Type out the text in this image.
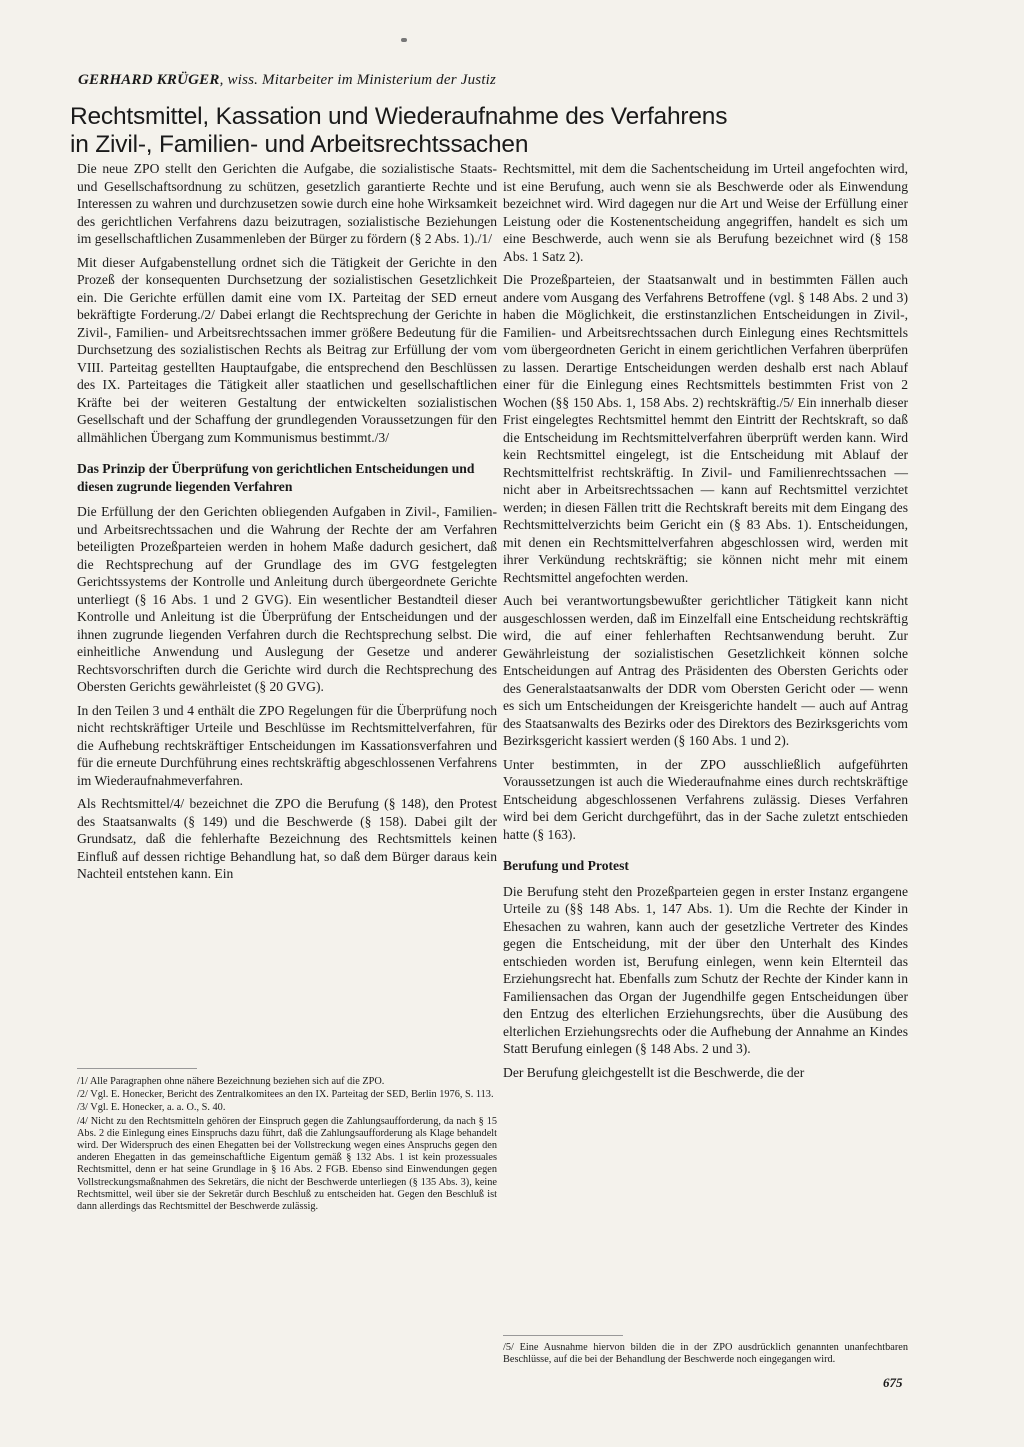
GERHARD KRÜGER, wiss. Mitarbeiter im Ministerium der Justiz
Rechtsmittel, Kassation und Wiederaufnahme des Verfahrens
in Zivil-, Familien- und Arbeitsrechtssachen

Die neue ZPO stellt den Gerichten die Aufgabe, die sozialistische Staats- und Gesellschaftsordnung zu schützen, gesetzlich garantierte Rechte und Interessen zu wahren und durchzusetzen sowie durch eine hohe Wirksamkeit des gerichtlichen Verfahrens dazu beizutragen, sozialistische Beziehungen im gesellschaftlichen Zusammenleben der Bürger zu fördern (§ 2 Abs. 1)./1/

Mit dieser Aufgabenstellung ordnet sich die Tätigkeit der Gerichte in den Prozeß der konsequenten Durchsetzung der sozialistischen Gesetzlichkeit ein. Die Gerichte erfüllen damit eine vom IX. Parteitag der SED erneut bekräftigte Forderung./2/ Dabei erlangt die Rechtsprechung der Gerichte in Zivil-, Familien- und Arbeitsrechtssachen immer größere Bedeutung für die Durchsetzung des sozialistischen Rechts als Beitrag zur Erfüllung der vom VIII. Parteitag gestellten Hauptaufgabe, die entsprechend den Beschlüssen des IX. Parteitages die Tätigkeit aller staatlichen und gesellschaftlichen Kräfte bei der weiteren Gestaltung der entwickelten sozialistischen Gesellschaft und der Schaffung der grundlegenden Voraussetzungen für den allmählichen Übergang zum Kommunismus bestimmt./3/

Das Prinzip der Überprüfung von gerichtlichen Entscheidungen und diesen zugrunde liegenden Verfahren

Die Erfüllung der den Gerichten obliegenden Aufgaben in Zivil-, Familien- und Arbeitsrechtssachen und die Wahrung der Rechte der am Verfahren beteiligten Prozeßparteien werden in hohem Maße dadurch gesichert, daß die Rechtsprechung auf der Grundlage des im GVG festgelegten Gerichtssystems der Kontrolle und Anleitung durch übergeordnete Gerichte unterliegt (§ 16 Abs. 1 und 2 GVG). Ein wesentlicher Bestandteil dieser Kontrolle und Anleitung ist die Überprüfung der Entscheidungen und der ihnen zugrunde liegenden Verfahren durch die Rechtsprechung selbst. Die einheitliche Anwendung und Auslegung der Gesetze und anderer Rechtsvorschriften durch die Gerichte wird durch die Rechtsprechung des Obersten Gerichts gewährleistet (§ 20 GVG).

In den Teilen 3 und 4 enthält die ZPO Regelungen für die Überprüfung noch nicht rechtskräftiger Urteile und Beschlüsse im Rechtsmittelverfahren, für die Aufhebung rechtskräftiger Entscheidungen im Kassationsverfahren und für die erneute Durchführung eines rechtskräftig abgeschlossenen Verfahrens im Wiederaufnahmeverfahren.

Als Rechtsmittel/4/ bezeichnet die ZPO die Berufung (§ 148), den Protest des Staatsanwalts (§ 149) und die Beschwerde (§ 158). Dabei gilt der Grundsatz, daß die fehlerhafte Bezeichnung des Rechtsmittels keinen Einfluß auf dessen richtige Behandlung hat, so daß dem Bürger daraus kein Nachteil entstehen kann. Ein

/1/ Alle Paragraphen ohne nähere Bezeichnung beziehen sich auf die ZPO.

/2/ Vgl. E. Honecker, Bericht des Zentralkomitees an den IX. Parteitag der SED, Berlin 1976, S. 113.

/3/ Vgl. E. Honecker, a. a. O., S. 40.

/4/ Nicht zu den Rechtsmitteln gehören der Einspruch gegen die Zahlungsaufforderung, da nach § 15 Abs. 2 die Einlegung eines Einspruchs dazu führt, daß die Zahlungsaufforderung als Klage behandelt wird. Der Widerspruch des einen Ehegatten bei der Vollstreckung wegen eines Anspruchs gegen den anderen Ehegatten in das gemeinschaftliche Eigentum gemäß § 132 Abs. 1 ist kein prozessuales Rechtsmittel, denn er hat seine Grundlage in § 16 Abs. 2 FGB. Ebenso sind Einwendungen gegen Vollstreckungsmaßnahmen des Sekretärs, die nicht der Beschwerde unterliegen (§ 135 Abs. 3), keine Rechtsmittel, weil über sie der Sekretär durch Beschluß zu entscheiden hat. Gegen den Beschluß ist dann allerdings das Rechtsmittel der Beschwerde zulässig.

Rechtsmittel, mit dem die Sachentscheidung im Urteil angefochten wird, ist eine Berufung, auch wenn sie als Beschwerde oder als Einwendung bezeichnet wird. Wird dagegen nur die Art und Weise der Erfüllung einer Leistung oder die Kostenentscheidung angegriffen, handelt es sich um eine Beschwerde, auch wenn sie als Berufung bezeichnet wird (§ 158 Abs. 1 Satz 2).

Die Prozeßparteien, der Staatsanwalt und in bestimmten Fällen auch andere vom Ausgang des Verfahrens Betroffene (vgl. § 148 Abs. 2 und 3) haben die Möglichkeit, die erstinstanzlichen Entscheidungen in Zivil-, Familien- und Arbeitsrechtssachen durch Einlegung eines Rechtsmittels vom übergeordneten Gericht in einem gerichtlichen Verfahren überprüfen zu lassen. Derartige Entscheidungen werden deshalb erst nach Ablauf einer für die Einlegung eines Rechtsmittels bestimmten Frist von 2 Wochen (§§ 150 Abs. 1, 158 Abs. 2) rechtskräftig./5/ Ein innerhalb dieser Frist eingelegtes Rechtsmittel hemmt den Eintritt der Rechtskraft, so daß die Entscheidung im Rechtsmittelverfahren überprüft werden kann. Wird kein Rechtsmittel eingelegt, ist die Entscheidung mit Ablauf der Rechtsmittelfrist rechtskräftig. In Zivil- und Familienrechtssachen — nicht aber in Arbeitsrechtssachen — kann auf Rechtsmittel verzichtet werden; in diesen Fällen tritt die Rechtskraft bereits mit dem Eingang des Rechtsmittelverzichts beim Gericht ein (§ 83 Abs. 1). Entscheidungen, mit denen ein Rechtsmittelverfahren abgeschlossen wird, werden mit ihrer Verkündung rechtskräftig; sie können nicht mehr mit einem Rechtsmittel angefochten werden.

Auch bei verantwortungsbewußter gerichtlicher Tätigkeit kann nicht ausgeschlossen werden, daß im Einzelfall eine Entscheidung rechtskräftig wird, die auf einer fehlerhaften Rechtsanwendung beruht. Zur Gewährleistung der sozialistischen Gesetzlichkeit können solche Entscheidungen auf Antrag des Präsidenten des Obersten Gerichts oder des Generalstaatsanwalts der DDR vom Obersten Gericht oder — wenn es sich um Entscheidungen der Kreisgerichte handelt — auch auf Antrag des Staatsanwalts des Bezirks oder des Direktors des Bezirksgerichts vom Bezirksgericht kassiert werden (§ 160 Abs. 1 und 2).

Unter bestimmten, in der ZPO ausschließlich aufgeführten Voraussetzungen ist auch die Wiederaufnahme eines durch rechtskräftige Entscheidung abgeschlossenen Verfahrens zulässig. Dieses Verfahren wird bei dem Gericht durchgeführt, das in der Sache zuletzt entschieden hatte (§ 163).

Berufung und Protest

Die Berufung steht den Prozeßparteien gegen in erster Instanz ergangene Urteile zu (§§ 148 Abs. 1, 147 Abs. 1). Um die Rechte der Kinder in Ehesachen zu wahren, kann auch der gesetzliche Vertreter des Kindes gegen die Entscheidung, mit der über den Unterhalt des Kindes entschieden worden ist, Berufung einlegen, wenn kein Elternteil das Erziehungsrecht hat. Ebenfalls zum Schutz der Rechte der Kinder kann in Familiensachen das Organ der Jugendhilfe gegen Entscheidungen über den Entzug des elterlichen Erziehungsrechts, über die Ausübung des elterlichen Erziehungsrechts oder die Aufhebung der Annahme an Kindes Statt Berufung einlegen (§ 148 Abs. 2 und 3).

Der Berufung gleichgestellt ist die Beschwerde, die der

/5/ Eine Ausnahme hiervon bilden die in der ZPO ausdrücklich genannten unanfechtbaren Beschlüsse, auf die bei der Behandlung der Beschwerde noch eingegangen wird.

675
